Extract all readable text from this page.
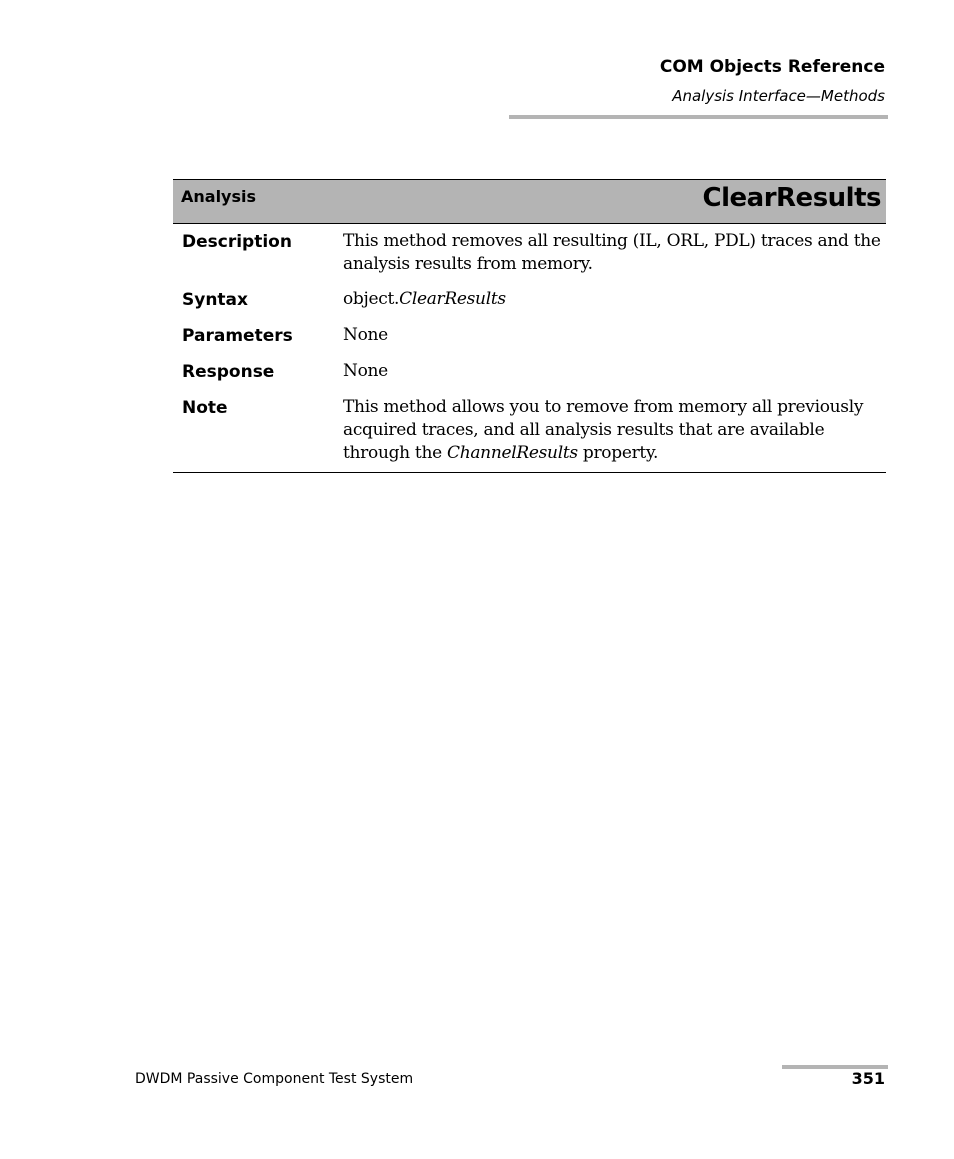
COM Objects Reference
Analysis Interface—Methods
Analysis	ClearResults
Description	This method removes all resulting (IL, ORL, PDL) traces and the analysis results from memory.
Syntax	object.ClearResults
Parameters	None
Response	None
Note	This method allows you to remove from memory all previously acquired traces, and all analysis results that are available through the ChannelResults property.
DWDM Passive Component Test System	351
